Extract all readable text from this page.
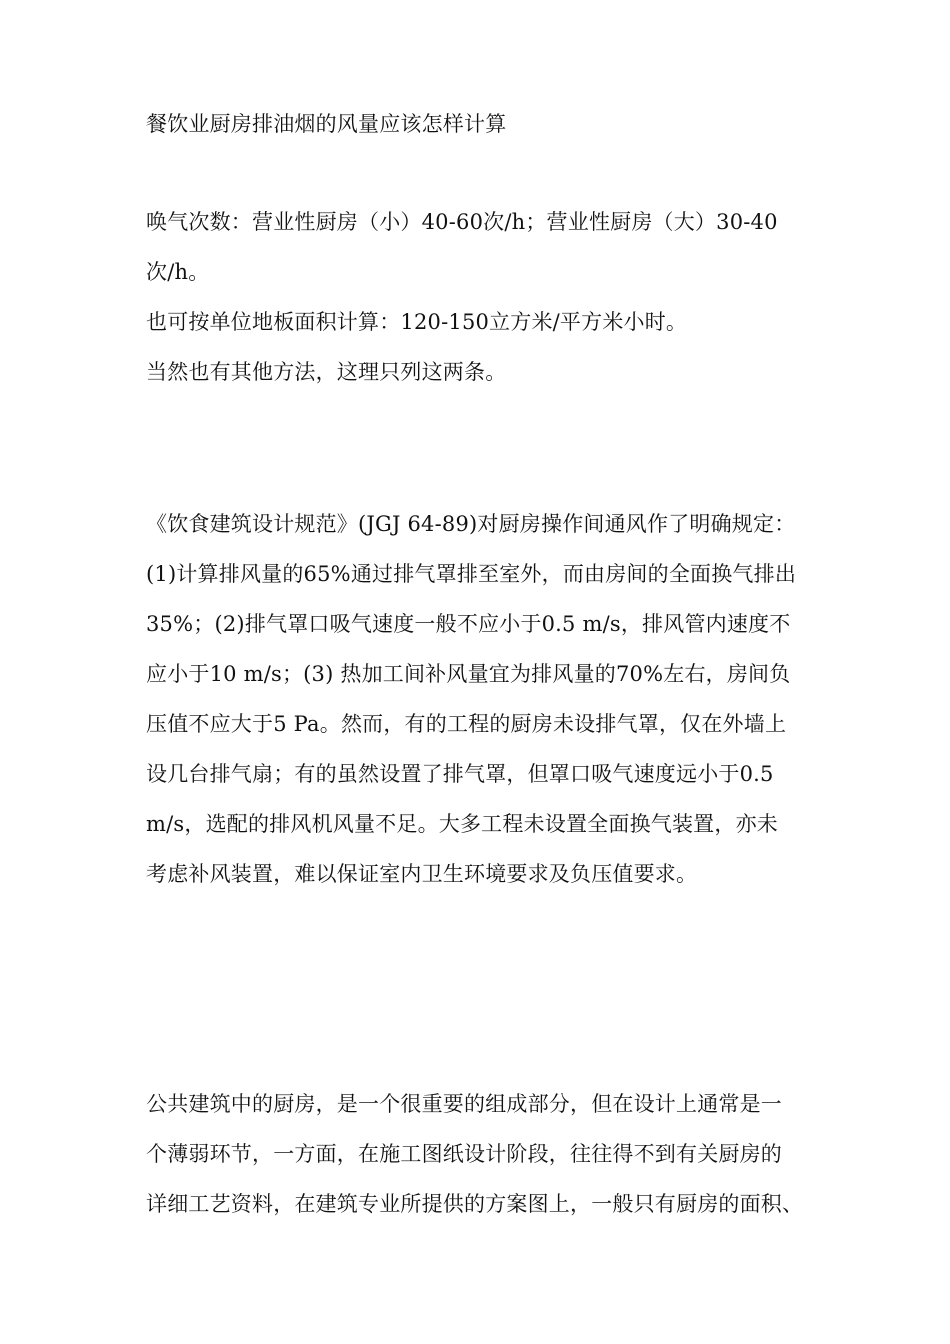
餐饮业厨房排油烟的风量应该怎样计算
唤气次数：营业性厨房（小）40-60次/h；营业性厨房（大）30-40
次/h。
也可按单位地板面积计算：120-150立方米/平方米小时。
当然也有其他方法，这理只列这两条。
《饮食建筑设计规范》(JGJ 64-89)对厨房操作间通风作了明确规定：
(1)计算排风量的65%通过排气罩排至室外，而由房间的全面换气排出
35%；(2)排气罩口吸气速度一般不应小于0.5 m/s，排风管内速度不
应小于10 m/s；(3) 热加工间补风量宜为排风量的70%左右，房间负
压值不应大于5 Pa。然而，有的工程的厨房未设排气罩，仅在外墙上
设几台排气扇；有的虽然设置了排气罩，但罩口吸气速度远小于0.5
m/s，选配的排风机风量不足。大多工程未设置全面换气装置，亦未
考虑补风装置，难以保证室内卫生环境要求及负压值要求。
公共建筑中的厨房，是一个很重要的组成部分，但在设计上通常是一
个薄弱环节，一方面，在施工图纸设计阶段，往往得不到有关厨房的
详细工艺资料，在建筑专业所提供的方案图上，一般只有厨房的面积、
